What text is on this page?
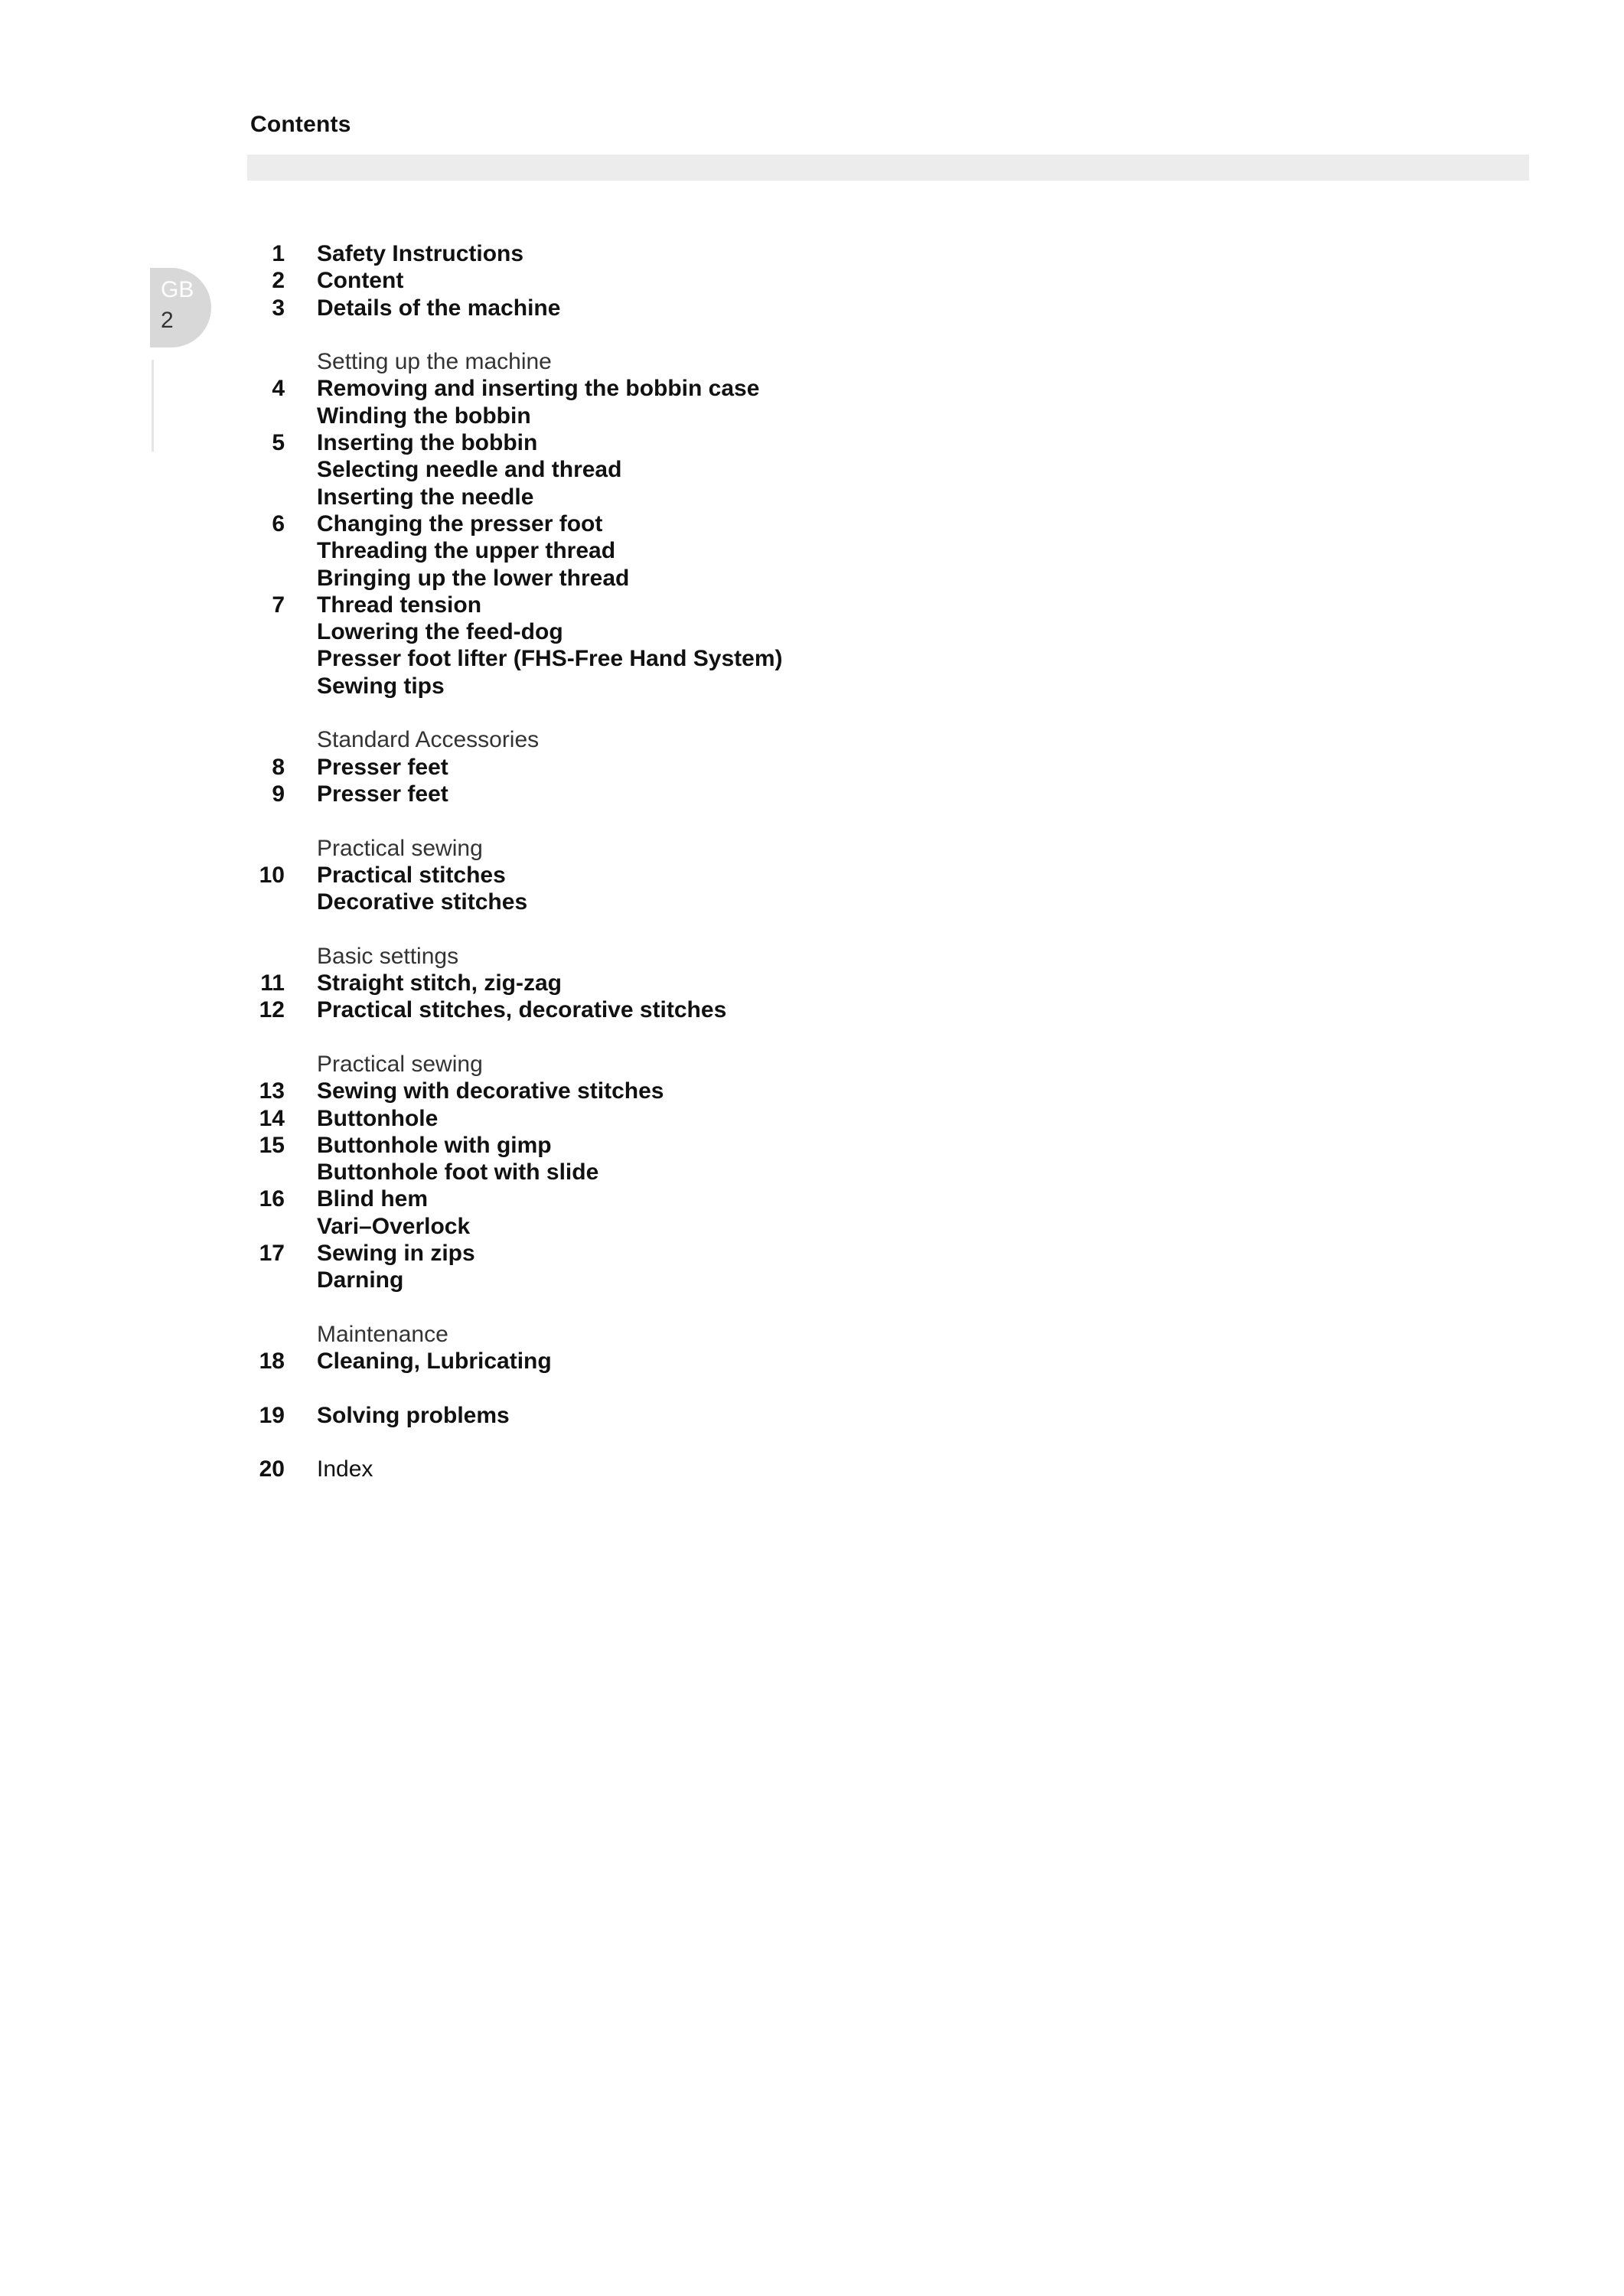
Contents
GB
2
1 Safety Instructions
2 Content
3 Details of the machine
Setting up the machine
4 Removing and inserting the bobbin case
Winding the bobbin
5 Inserting the bobbin
Selecting needle and thread
Inserting the needle
6 Changing the presser foot
Threading the upper thread
Bringing up the lower thread
7 Thread tension
Lowering the feed-dog
Presser foot lifter (FHS-Free Hand System)
Sewing tips
Standard Accessories
8 Presser feet
9 Presser feet
Practical sewing
10 Practical stitches
Decorative stitches
Basic settings
11 Straight stitch, zig-zag
12 Practical stitches, decorative stitches
Practical sewing
13 Sewing with decorative stitches
14 Buttonhole
15 Buttonhole with gimp
Buttonhole foot with slide
16 Blind hem
Vari–Overlock
17 Sewing in zips
Darning
Maintenance
18 Cleaning, Lubricating
19 Solving problems
20 Index
